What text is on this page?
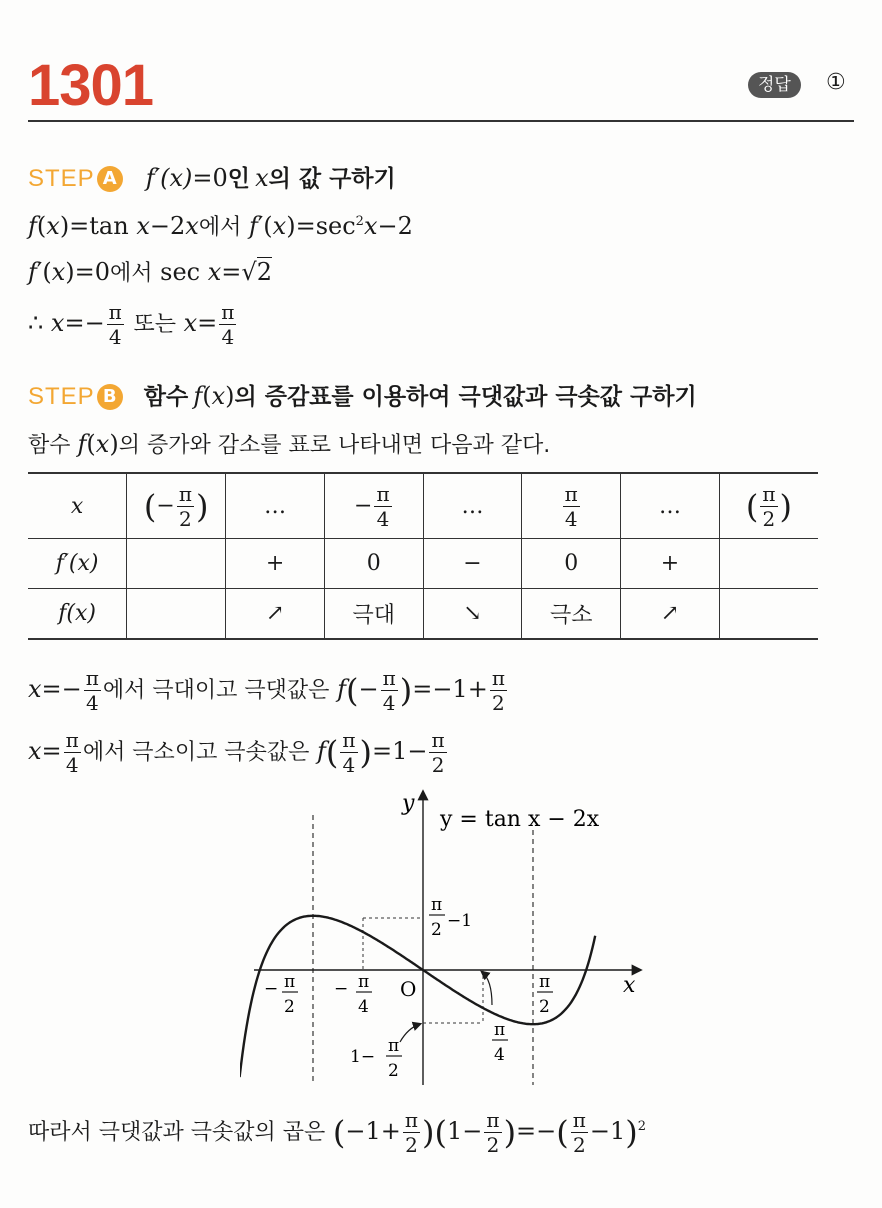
1301	정답	①
STEP A f′(x)=0인 x의 값 구하기
f(x)=tan x−2x에서 $f'(x)=\sec^2x-2$
f′(x)=0에서 sec x=√2
∴ $x=- \frac{\pi}{4}$ 또는 $x= \frac{\pi}{4}$
STEP B 함수 f(x)의 증감표를 이용하여 극댓값과 극솟값 구하기
함수 f(x)의 증가와 감소를 표로 나타내면 다음과 같다.
x	(− $\frac{\pi}{2}$ )	…	− $\frac{\pi}{4}$	…	$\frac{\pi}{4}$	…	( $\frac{\pi}{2}$ )
f′(x)		+	0	−	0	+	
f(x)		↗	극대	↘	극소	↗	
$x=- \frac{\pi}{4}$ 에서 극대이고 극댓값은 $f(- \frac{\pi}{4} )=-1+ \frac{\pi}{2}$
$x= \frac{\pi}{4}$ 에서 극소이고 극솟값은 $f( \frac{\pi}{4} )=1- \frac{\pi}{2}$
y
x
O
y = tan x − 2x
π
2 −1
− π
2
− π
4
π
2
π
4
1−
π
2
따라서 극댓값과 극솟값의 곱은 $(-1+ \frac{\pi}{2} )(1- \frac{\pi}{2}$ )=−( $\frac{\pi}{2} -1)^2$
